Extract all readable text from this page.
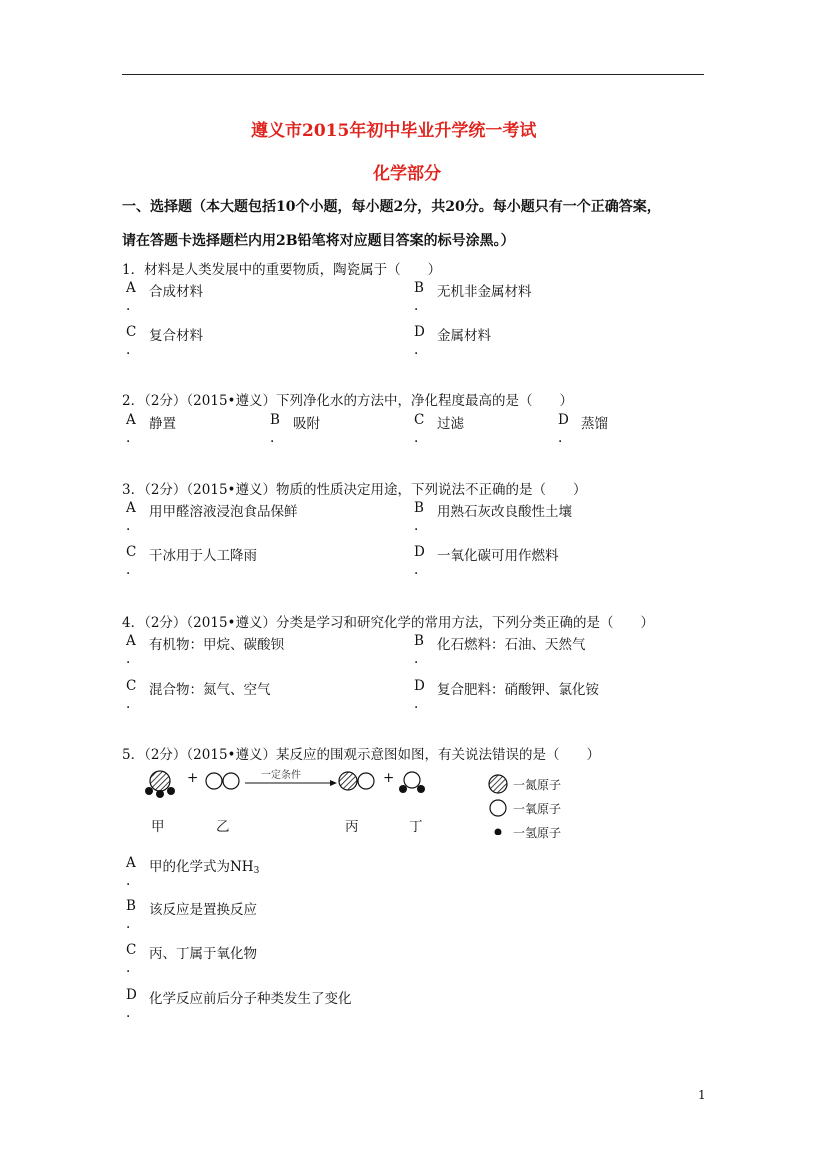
遵义市2015年初中毕业升学统一考试
化学部分
一、选择题（本大题包括10个小题，每小题2分，共20分。每小题只有一个正确答案，
请在答题卡选择题栏内用2B铅笔将对应题目答案的标号涂黑。）
1．材料是人类发展中的重要物质，陶瓷属于（　　）
A 合成材料
.
B 无机非金属材料
.
C 复合材料
.
D 金属材料
.
2．（2分）（2015•遵义）下列净化水的方法中，净化程度最高的是（　　）
A 静置
.
B 吸附
.
C 过滤
.
D 蒸馏
.
3．（2分）（2015•遵义）物质的性质决定用途，下列说法不正确的是（　　）
A 用甲醛溶液浸泡食品保鲜
.
B 用熟石灰改良酸性土壤
.
C 干冰用于人工降雨
.
D 一氧化碳可用作燃料
.
4．（2分）（2015•遵义）分类是学习和研究化学的常用方法，下列分类正确的是（　　）
A 有机物：甲烷、碳酸钡
.
B 化石燃料：石油、天然气
.
C 混合物：氮气、空气
.
D 复合肥料：硝酸钾、氯化铵
.
5．（2分）（2015•遵义）某反应的围观示意图如图，有关说法错误的是（　　）
+	+
一定条件
甲	乙	丙	丁
一氮原子
一氧原子
一氢原子
A 甲的化学式为$NH_3$
.
B 该反应是置换反应
.
C 丙、丁属于氧化物
.
D 化学反应前后分子种类发生了变化
.
1
